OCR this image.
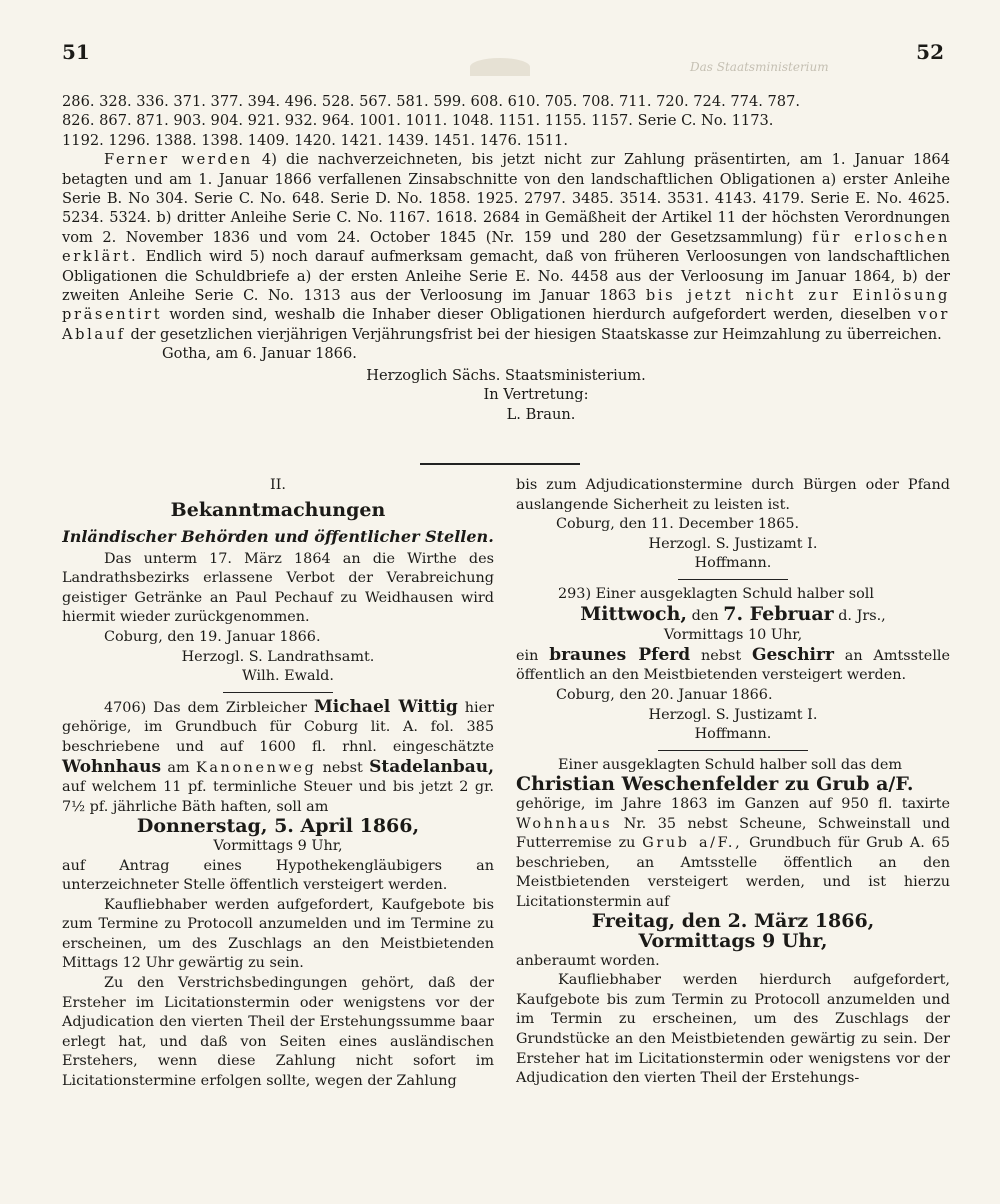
51	52
Das Staatsministerium

286. 328. 336. 371. 377. 394. 496. 528. 567. 581. 599. 608. 610. 705. 708. 711. 720. 724. 774. 787.

826. 867. 871. 903. 904. 921. 932. 964. 1001. 1011. 1048. 1151. 1155. 1157. Serie C. No. 1173.

1192. 1296. 1388. 1398. 1409. 1420. 1421. 1439. 1451. 1476. 1511.

Ferner werden 4) die nachverzeichneten, bis jetzt nicht zur Zahlung präsentirten, am 1. Januar 1864 betagten und am 1. Januar 1866 verfallenen Zinsabschnitte von den landschaftlichen Obligationen a) erster Anleihe Serie B. No 304. Serie C. No. 648. Serie D. No. 1858. 1925. 2797. 3485. 3514. 3531. 4143. 4179. Serie E. No. 4625. 5234. 5324. b) dritter Anleihe Serie C. No. 1167. 1618. 2684 in Gemäßheit der Artikel 11 der höchsten Verordnungen vom 2. November 1836 und vom 24. October 1845 (Nr. 159 und 280 der Gesetzsammlung) für erloschen erklärt. Endlich wird 5) noch darauf aufmerksam gemacht, daß von früheren Verloosungen von landschaftlichen Obligationen die Schuldbriefe a) der ersten Anleihe Serie E. No. 4458 aus der Verloosung im Januar 1864, b) der zweiten Anleihe Serie C. No. 1313 aus der Verloosung im Januar 1863 bis jetzt nicht zur Einlösung präsentirt worden sind, weshalb die Inhaber dieser Obligationen hierdurch aufgefordert werden, dieselben vor Ablauf der gesetzlichen vierjährigen Verjährungsfrist bei der hiesigen Staatskasse zur Heimzahlung zu überreichen.

Gotha, am 6. Januar 1866.

Herzoglich Sächs. Staatsministerium.

In Vertretung:

L. Braun.

II.

Bekanntmachungen

Inländischer Behörden und öffentlicher Stellen.

Das unterm 17. März 1864 an die Wirthe des Landrathsbezirks erlassene Verbot der Verabreichung geistiger Getränke an Paul Pechauf zu Weidhausen wird hiermit wieder zurückgenommen.

Coburg, den 19. Januar 1866.

Herzogl. S. Landrathsamt.

Wilh. Ewald.

4706) Das dem Zirbleicher Michael Wittig hier gehörige, im Grundbuch für Coburg lit. A. fol. 385 beschriebene und auf 1600 fl. rhnl. eingeschätzte Wohnhaus am Kanonenweg nebst Stadelanbau, auf welchem 11 pf. terminliche Steuer und bis jetzt 2 gr. 7½ pf. jährliche Bäth haften, soll am

Donnerstag, 5. April 1866,

Vormittags 9 Uhr,

auf Antrag eines Hypothekengläubigers an unterzeichneter Stelle öffentlich versteigert werden.

Kaufliebhaber werden aufgefordert, Kaufgebote bis zum Termine zu Protocoll anzumelden und im Termine zu erscheinen, um des Zuschlags an den Meistbietenden Mittags 12 Uhr gewärtig zu sein.

Zu den Verstrichsbedingungen gehört, daß der Ersteher im Licitationstermin oder wenigstens vor der Adjudication den vierten Theil der Erstehungssumme baar erlegt hat, und daß von Seiten eines ausländischen Erstehers, wenn diese Zahlung nicht sofort im Licitationstermine erfolgen sollte, wegen der Zahlung

bis zum Adjudicationstermine durch Bürgen oder Pfand auslangende Sicherheit zu leisten ist.

Coburg, den 11. December 1865.

Herzogl. S. Justizamt I.

Hoffmann.

293) Einer ausgeklagten Schuld halber soll

Mittwoch, den 7. Februar d. Jrs.,

Vormittags 10 Uhr,

ein braunes Pferd nebst Geschirr an Amtsstelle öffentlich an den Meistbietenden versteigert werden.

Coburg, den 20. Januar 1866.

Herzogl. S. Justizamt I.

Hoffmann.

Einer ausgeklagten Schuld halber soll das dem

Christian Weschenfelder zu Grub a/F.

gehörige, im Jahre 1863 im Ganzen auf 950 fl. taxirte Wohnhaus Nr. 35 nebst Scheune, Schweinstall und Futterremise zu Grub a/F., Grundbuch für Grub A. 65 beschrieben, an Amtsstelle öffentlich an den Meistbietenden versteigert werden, und ist hierzu Licitationstermin auf

Freitag, den 2. März 1866,

Vormittags 9 Uhr,

anberaumt worden.

Kaufliebhaber werden hierdurch aufgefordert, Kaufgebote bis zum Termin zu Protocoll anzumelden und im Termin zu erscheinen, um des Zuschlags der Grundstücke an den Meistbietenden gewärtig zu sein. Der Ersteher hat im Licitationstermin oder wenigstens vor der Adjudication den vierten Theil der Erstehungs-
